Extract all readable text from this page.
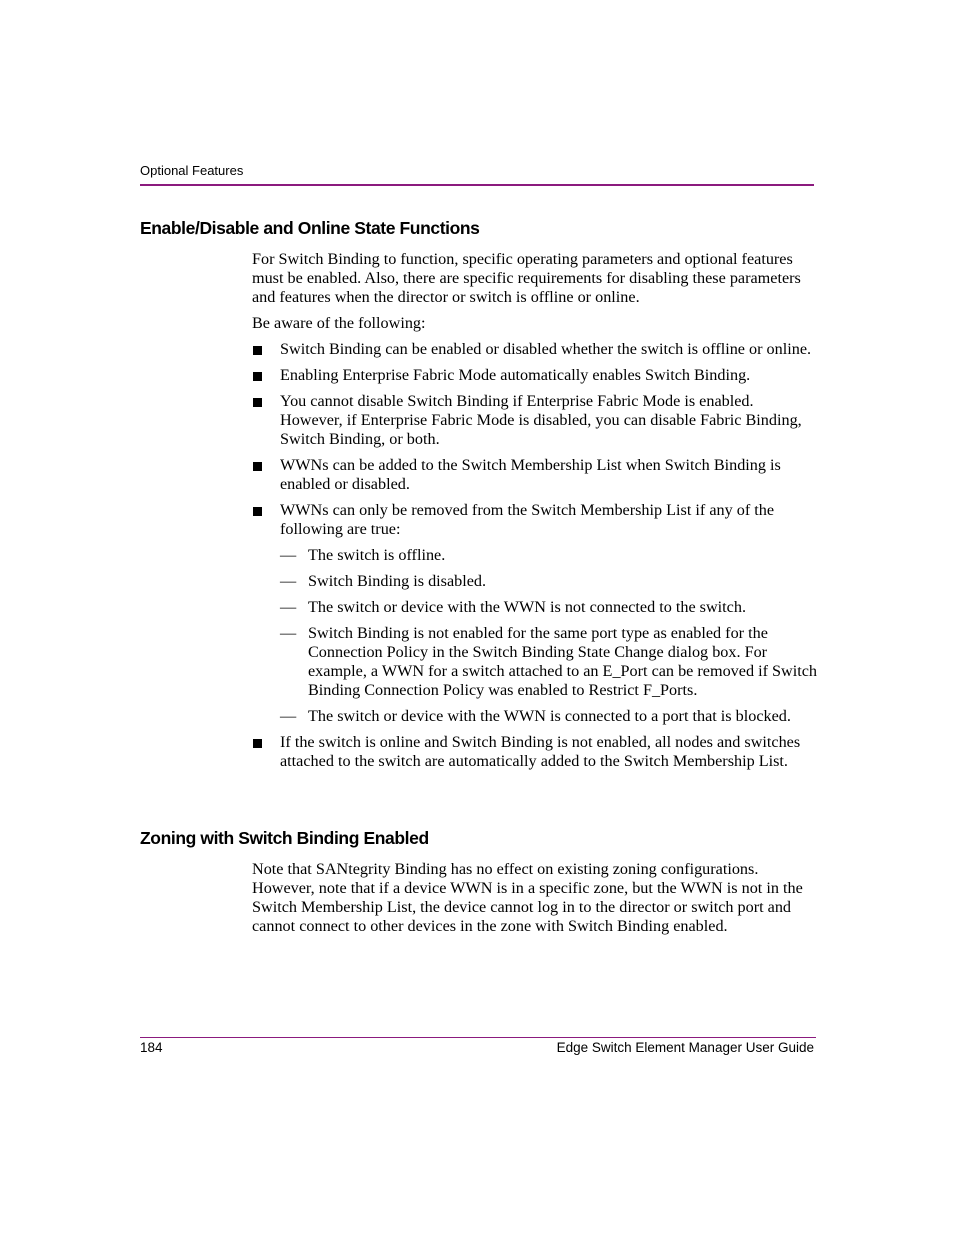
Optional Features
Enable/Disable and Online State Functions

For Switch Binding to function, specific operating parameters and optional features must be enabled. Also, there are specific requirements for disabling these parameters and features when the director or switch is offline or online.

Be aware of the following:

Switch Binding can be enabled or disabled whether the switch is offline or online.
Enabling Enterprise Fabric Mode automatically enables Switch Binding.
You cannot disable Switch Binding if Enterprise Fabric Mode is enabled. However, if Enterprise Fabric Mode is disabled, you can disable Fabric Binding, Switch Binding, or both.
WWNs can be added to the Switch Membership List when Switch Binding is enabled or disabled.
WWNs can only be removed from the Switch Membership List if any of the following are true:
— The switch is offline.
— Switch Binding is disabled.
— The switch or device with the WWN is not connected to the switch.
— Switch Binding is not enabled for the same port type as enabled for the Connection Policy in the Switch Binding State Change dialog box. For example, a WWN for a switch attached to an E_Port can be removed if Switch Binding Connection Policy was enabled to Restrict F_Ports.
— The switch or device with the WWN is connected to a port that is blocked.
If the switch is online and Switch Binding is not enabled, all nodes and switches attached to the switch are automatically added to the Switch Membership List.
Zoning with Switch Binding Enabled

Note that SANtegrity Binding has no effect on existing zoning configurations. However, note that if a device WWN is in a specific zone, but the WWN is not in the Switch Membership List, the device cannot log in to the director or switch port and cannot connect to other devices in the zone with Switch Binding enabled.

184	Edge Switch Element Manager User Guide
